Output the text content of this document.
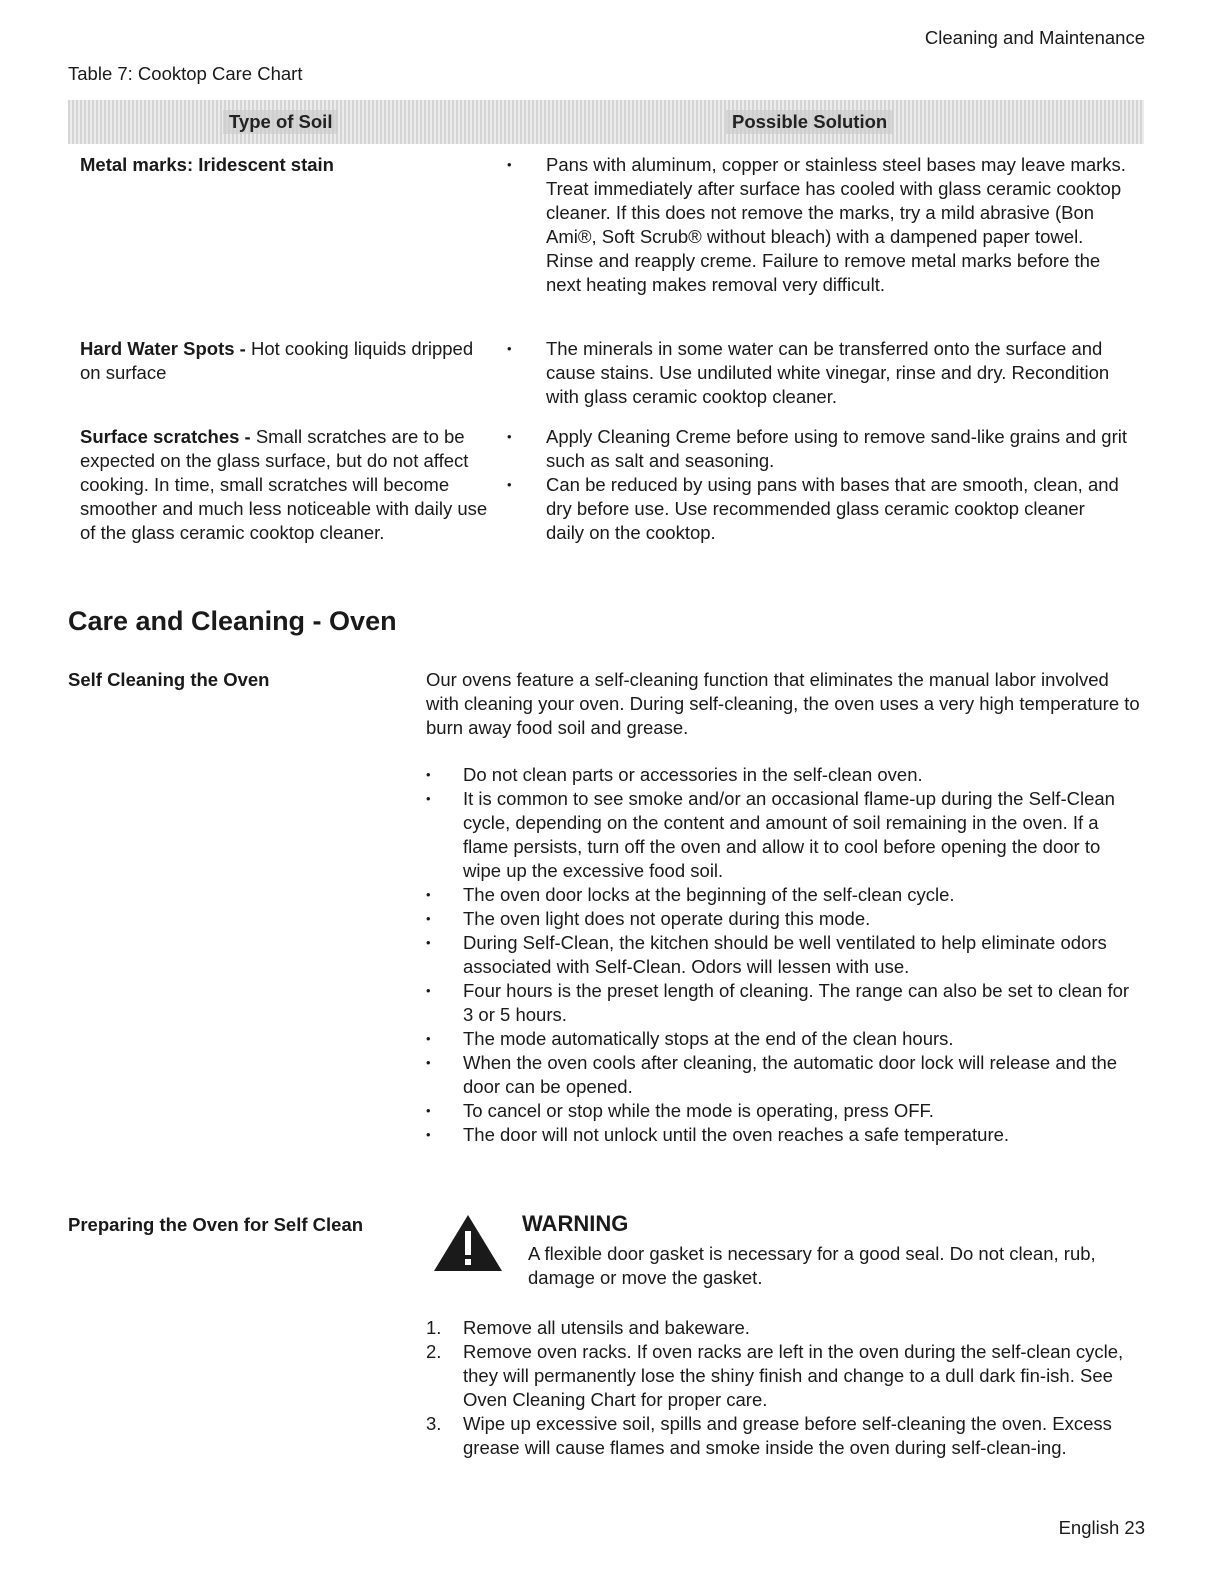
Cleaning and Maintenance
Table 7: Cooktop Care Chart
Type of Soil	Possible Solution
Metal marks: Iridescent stain

•	Pans with aluminum, copper or stainless steel bases may leave marks. Treat immediately after surface has cooled with glass ceramic cooktop cleaner. If this does not remove the marks, try a mild abrasive (Bon Ami®, Soft Scrub® without bleach) with a dampened paper towel. Rinse and reapply creme. Failure to remove metal marks before the next heating makes removal very difficult.

Hard Water Spots - Hot cooking liquids dripped on surface

• The minerals in some water can be transferred onto the surface and cause stains. Use undiluted white vinegar, rinse and dry. Recondition with glass ceramic cooktop cleaner.

Surface scratches - Small scratches are to be expected on the glass surface, but do not affect cooking. In time, small scratches will become smoother and much less noticeable with daily use of the glass ceramic cooktop cleaner.

• Apply Cleaning Creme before using to remove sand-like grains and grit such as salt and seasoning.

• Can be reduced by using pans with bases that are smooth, clean, and dry before use. Use recommended glass ceramic cooktop cleaner daily on the cooktop.

Care and Cleaning - Oven
Self Cleaning the Oven	Our ovens feature a self-cleaning function that eliminates the manual labor involved with cleaning your oven. During self-cleaning, the oven uses a very high temperature to burn away food soil and grease.
• Do not clean parts or accessories in the self-clean oven.
• It is common to see smoke and/or an occasional flame-up during the Self-Clean cycle, depending on the content and amount of soil remaining in the oven. If a flame persists, turn off the oven and allow it to cool before opening the door to wipe up the excessive food soil.
• The oven door locks at the beginning of the self-clean cycle.
• The oven light does not operate during this mode.
• During Self-Clean, the kitchen should be well ventilated to help eliminate odors associated with Self-Clean. Odors will lessen with use.
• Four hours is the preset length of cleaning. The range can also be set to clean for 3 or 5 hours.
• The mode automatically stops at the end of the clean hours.
• When the oven cools after cleaning, the automatic door lock will release and the door can be opened.
• To cancel or stop while the mode is operating, press OFF.
• The door will not unlock until the oven reaches a safe temperature.
Preparing the Oven for Self Clean	WARNING
A flexible door gasket is necessary for a good seal. Do not clean, rub, damage or move the gasket.
1. Remove all utensils and bakeware.
2. Remove oven racks. If oven racks are left in the oven during the self-clean cycle, they will permanently lose the shiny finish and change to a dull dark fin-ish. See Oven Cleaning Chart for proper care.
3. Wipe up excessive soil, spills and grease before self-cleaning the oven. Excess grease will cause flames and smoke inside the oven during self-clean-ing.
English 23
